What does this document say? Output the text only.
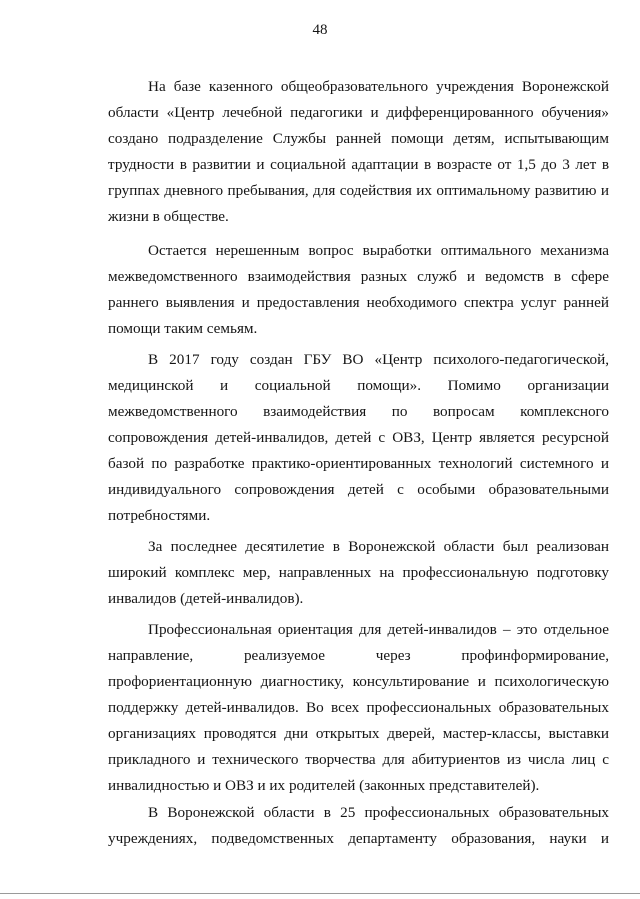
48

На базе казенного общеобразовательного учреждения Воронежской области «Центр лечебной педагогики и дифференцированного обучения» создано подразделение Службы ранней помощи детям, испытывающим трудности в развитии и социальной адаптации в возрасте от 1,5 до 3 лет в группах дневного пребывания, для содействия их оптимальному развитию и жизни в обществе.

Остается нерешенным вопрос выработки оптимального механизма межведомственного взаимодействия разных служб и ведомств в сфере раннего выявления и предоставления необходимого спектра услуг ранней помощи таким семьям.

В 2017 году создан ГБУ ВО «Центр психолого-педагогической, медицинской и социальной помощи». Помимо организации межведомственного взаимодействия по вопросам комплексного сопровождения детей-инвалидов, детей с ОВЗ, Центр является ресурсной базой по разработке практико-ориентированных технологий системного и индивидуального сопровождения детей с особыми образовательными потребностями.

За последнее десятилетие в Воронежской области был реализован широкий комплекс мер, направленных на профессиональную подготовку инвалидов (детей-инвалидов).

Профессиональная ориентация для детей-инвалидов – это отдельное направление, реализуемое через профинформирование, профориентационную диагностику, консультирование и психологическую поддержку детей-инвалидов. Во всех профессиональных образовательных организациях проводятся дни открытых дверей, мастер-классы, выставки прикладного и технического творчества для абитуриентов из числа лиц с инвалидностью и ОВЗ и их родителей (законных представителей).

В Воронежской области в 25 профессиональных образовательных учреждениях, подведомственных департаменту образования, науки и
